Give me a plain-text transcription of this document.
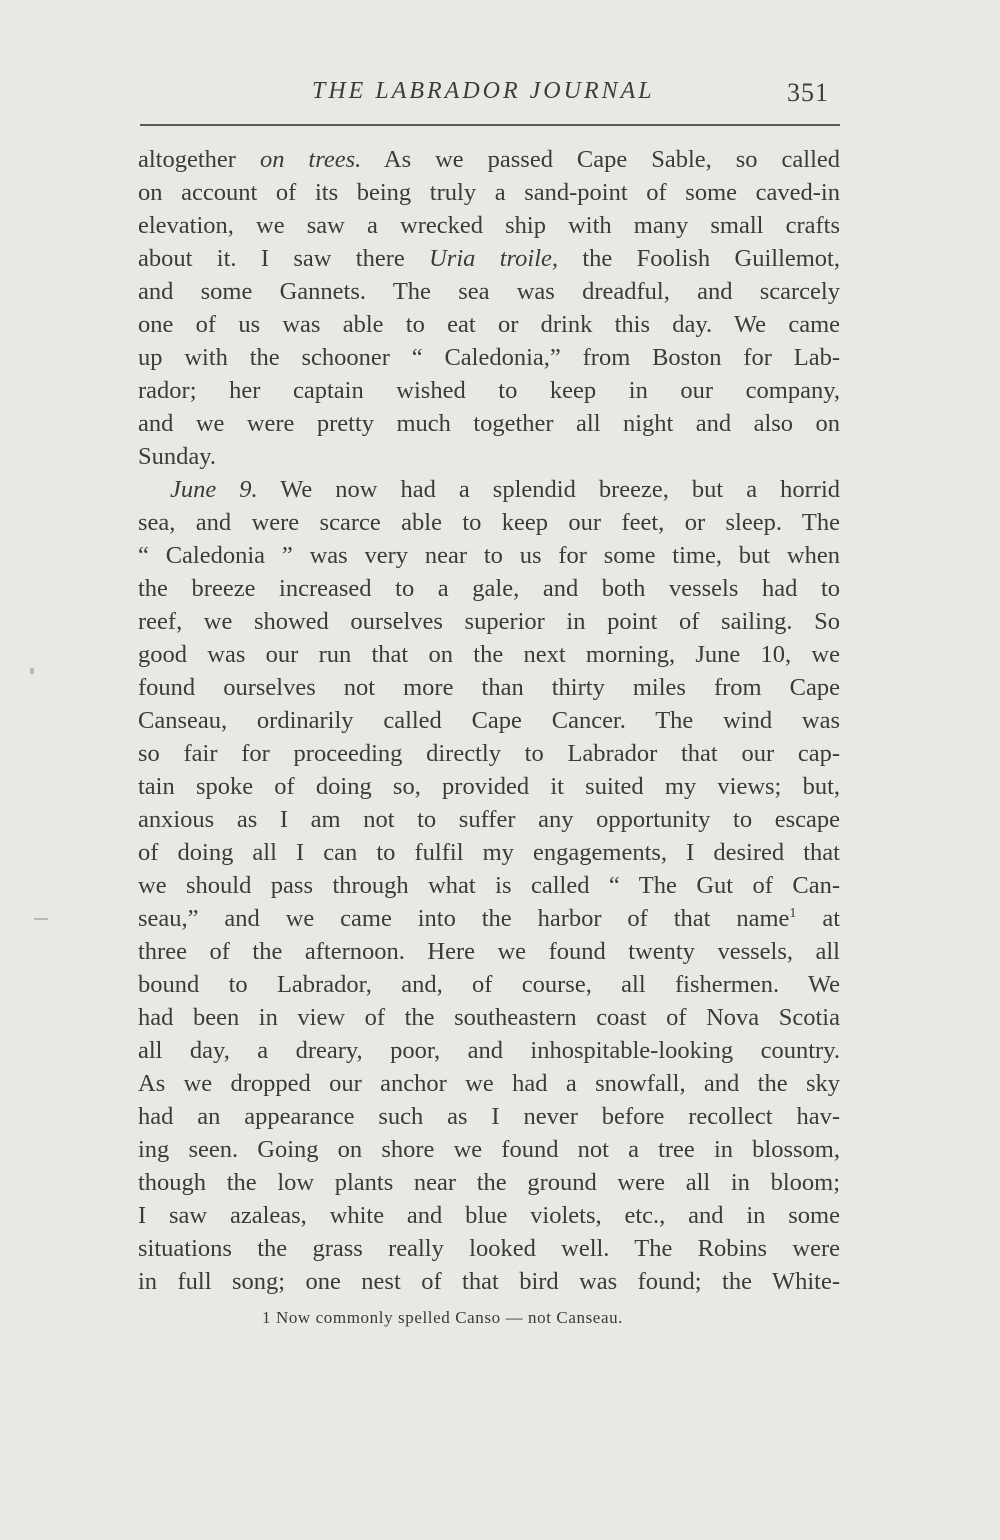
THE LABRADOR JOURNAL	351
altogether on trees. As we passed Cape Sable, so called
on account of its being truly a sand-point of some caved-in
elevation, we saw a wrecked ship with many small crafts
about it. I saw there Uria troile, the Foolish Guillemot,
and some Gannets. The sea was dreadful, and scarcely
one of us was able to eat or drink this day. We came
up with the schooner “ Caledonia,” from Boston for Lab-
rador; her captain wished to keep in our company,
and we were pretty much together all night and also on
Sunday.
June 9. We now had a splendid breeze, but a horrid
sea, and were scarce able to keep our feet, or sleep. The
“ Caledonia ” was very near to us for some time, but when
the breeze increased to a gale, and both vessels had to
reef, we showed ourselves superior in point of sailing. So
good was our run that on the next morning, June 10, we
found ourselves not more than thirty miles from Cape
Canseau, ordinarily called Cape Cancer. The wind was
so fair for proceeding directly to Labrador that our cap-
tain spoke of doing so, provided it suited my views; but,
anxious as I am not to suffer any opportunity to escape
of doing all I can to fulfil my engagements, I desired that
we should pass through what is called “ The Gut of Can-
seau,” and we came into the harbor of that name$^1$ at
three of the afternoon. Here we found twenty vessels, all
bound to Labrador, and, of course, all fishermen. We
had been in view of the southeastern coast of Nova Scotia
all day, a dreary, poor, and inhospitable-looking country.
As we dropped our anchor we had a snowfall, and the sky
had an appearance such as I never before recollect hav-
ing seen. Going on shore we found not a tree in blossom,
though the low plants near the ground were all in bloom;
I saw azaleas, white and blue violets, etc., and in some
situations the grass really looked well. The Robins were
in full song; one nest of that bird was found; the White-
1 Now commonly spelled Canso — not Canseau.
